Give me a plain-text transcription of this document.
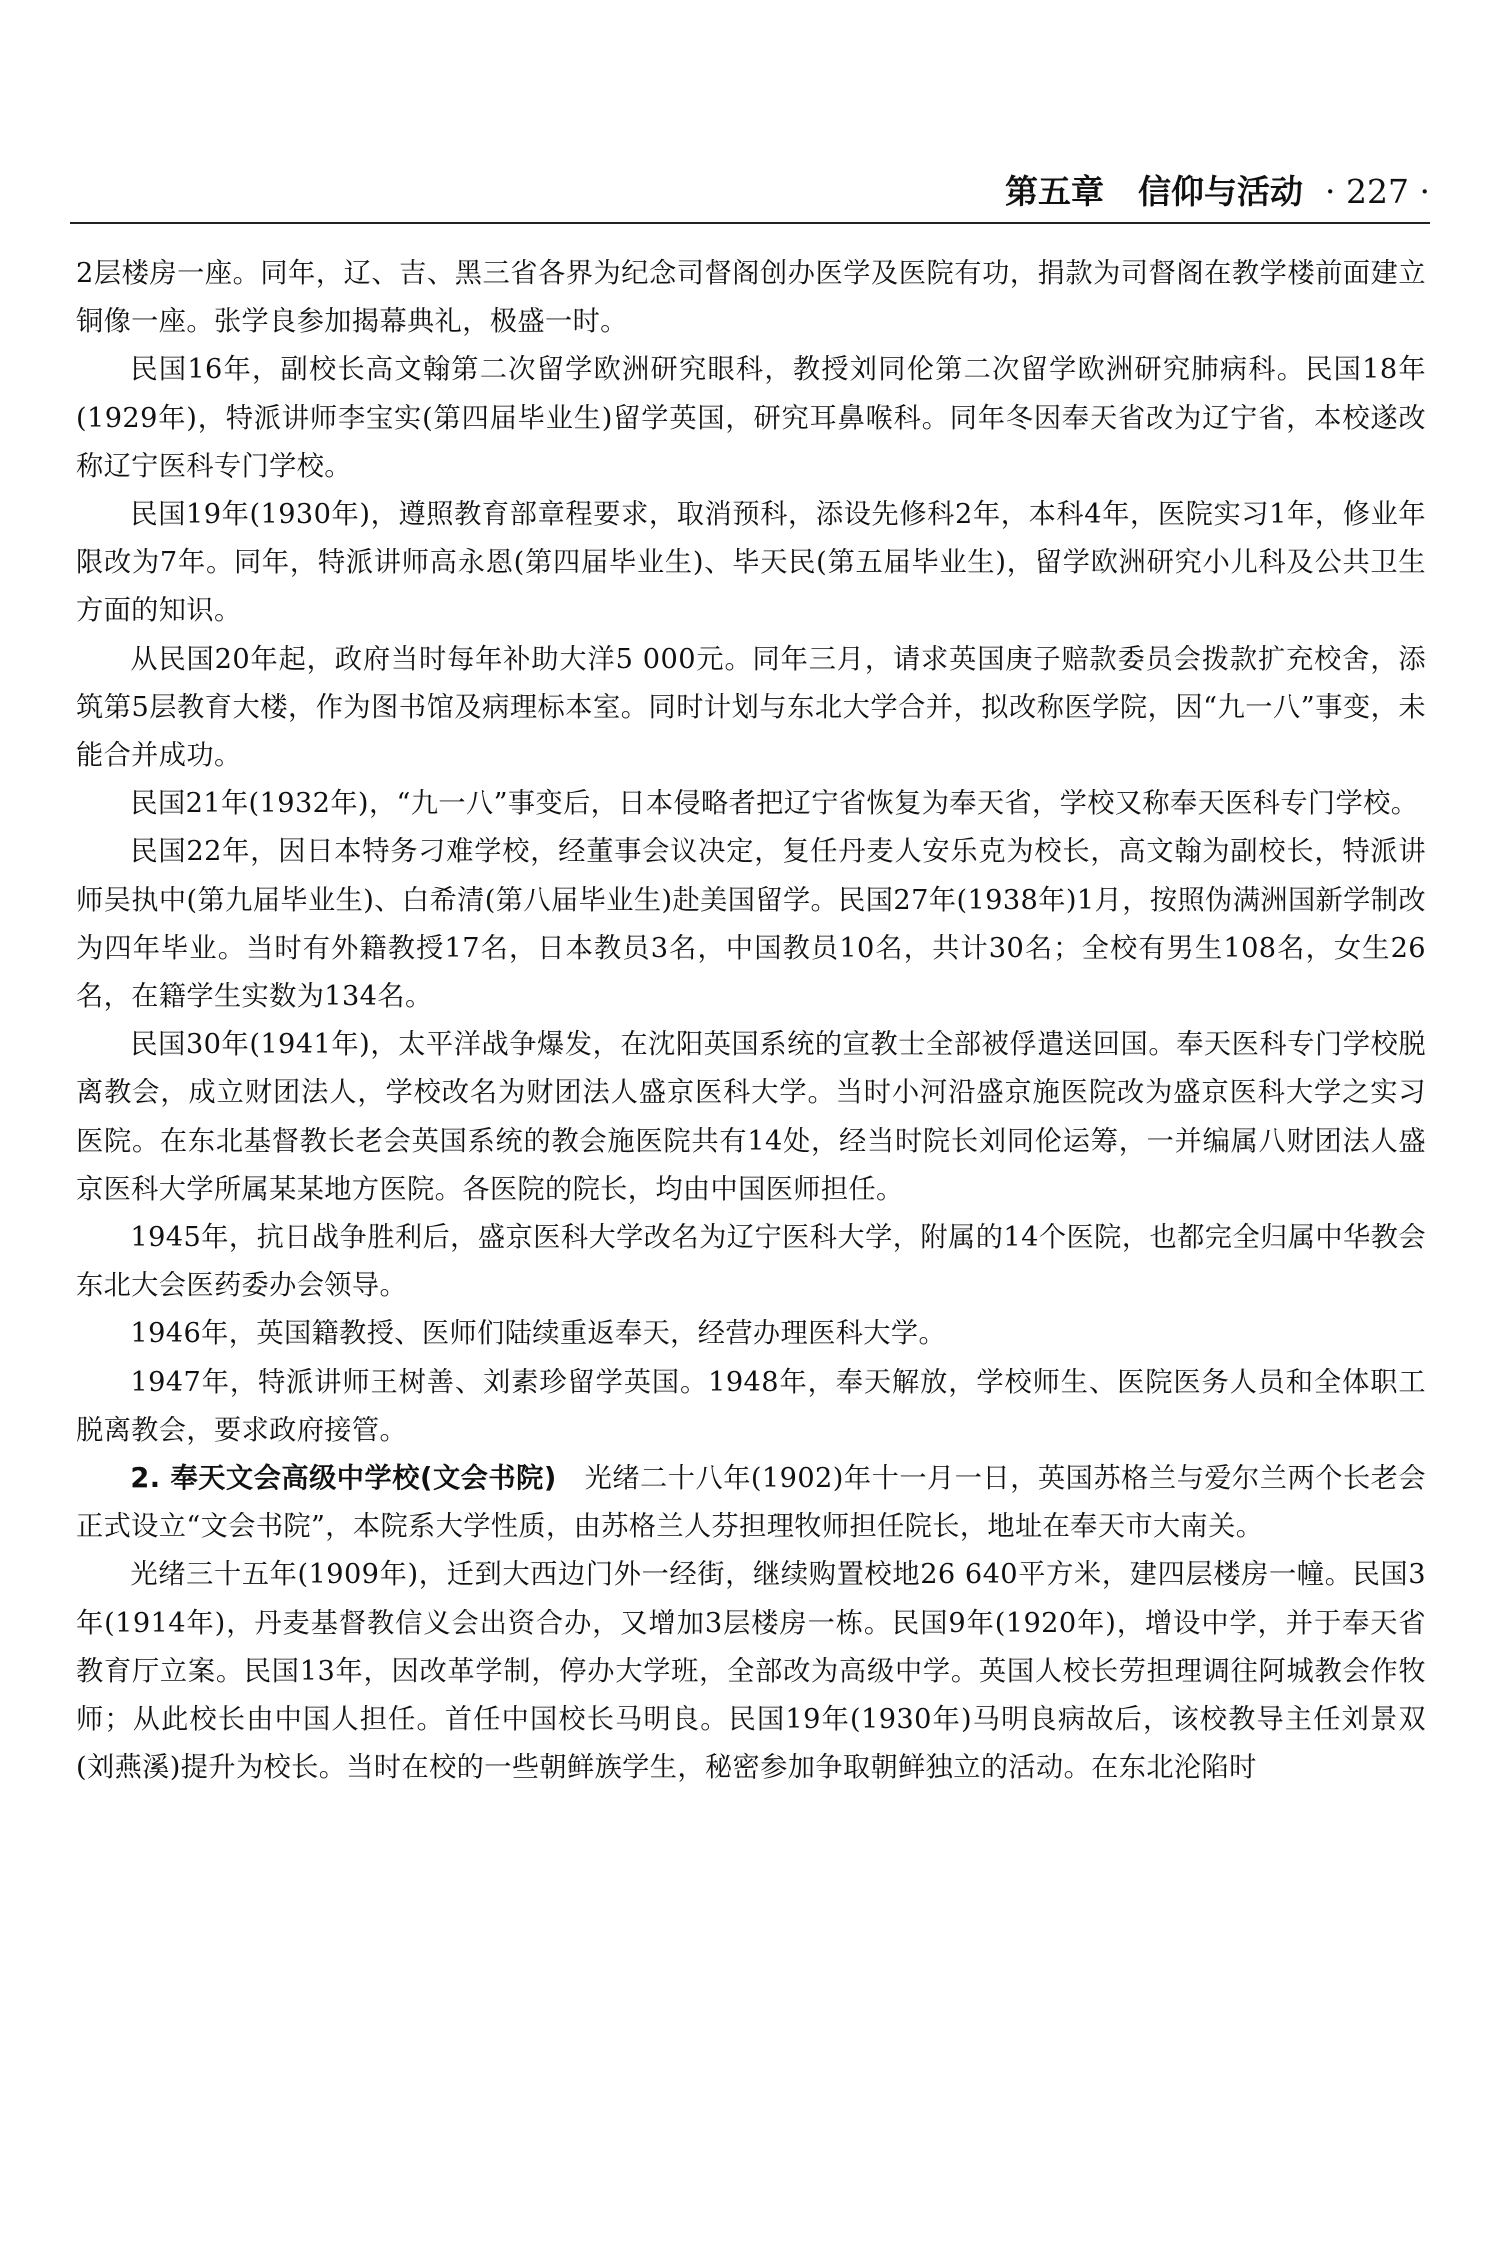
第五章 信仰与活动 · 227 ·

2层楼房一座。同年，辽、吉、黑三省各界为纪念司督阁创办医学及医院有功，捐款为司督阁在教学楼前面建立铜像一座。张学良参加揭幕典礼，极盛一时。

民国16年，副校长高文翰第二次留学欧洲研究眼科，教授刘同伦第二次留学欧洲研究肺病科。民国18年(1929年)，特派讲师李宝实(第四届毕业生)留学英国，研究耳鼻喉科。同年冬因奉天省改为辽宁省，本校遂改称辽宁医科专门学校。

民国19年(1930年)，遵照教育部章程要求，取消预科，添设先修科2年，本科4年，医院实习1年，修业年限改为7年。同年，特派讲师高永恩(第四届毕业生)、毕天民(第五届毕业生)，留学欧洲研究小儿科及公共卫生方面的知识。

从民国20年起，政府当时每年补助大洋5 000元。同年三月，请求英国庚子赔款委员会拨款扩充校舍，添筑第5层教育大楼，作为图书馆及病理标本室。同时计划与东北大学合并，拟改称医学院，因“九一八”事变，未能合并成功。

民国21年(1932年)，“九一八”事变后，日本侵略者把辽宁省恢复为奉天省，学校又称奉天医科专门学校。

民国22年，因日本特务刁难学校，经董事会议决定，复任丹麦人安乐克为校长，高文翰为副校长，特派讲师吴执中(第九届毕业生)、白希清(第八届毕业生)赴美国留学。民国27年(1938年)1月，按照伪满洲国新学制改为四年毕业。当时有外籍教授17名，日本教员3名，中国教员10名，共计30名；全校有男生108名，女生26名，在籍学生实数为134名。

民国30年(1941年)，太平洋战争爆发，在沈阳英国系统的宣教士全部被俘遣送回国。奉天医科专门学校脱离教会，成立财团法人，学校改名为财团法人盛京医科大学。当时小河沿盛京施医院改为盛京医科大学之实习医院。在东北基督教长老会英国系统的教会施医院共有14处，经当时院长刘同伦运筹，一并编属八财团法人盛京医科大学所属某某地方医院。各医院的院长，均由中国医师担任。

1945年，抗日战争胜利后，盛京医科大学改名为辽宁医科大学，附属的14个医院，也都完全归属中华教会东北大会医药委办会领导。

1946年，英国籍教授、医师们陆续重返奉天，经营办理医科大学。

1947年，特派讲师王树善、刘素珍留学英国。1948年，奉天解放，学校师生、医院医务人员和全体职工脱离教会，要求政府接管。

2. 奉天文会高级中学校(文会书院)　 光绪二十八年(1902)年十一月一日，英国苏格兰与爱尔兰两个长老会正式设立“文会书院”，本院系大学性质，由苏格兰人芬担理牧师担任院长，地址在奉天市大南关。

光绪三十五年(1909年)，迁到大西边门外一经街，继续购置校地26 640平方米，建四层楼房一幢。民国3年(1914年)，丹麦基督教信义会出资合办，又增加3层楼房一栋。民国9年(1920年)，增设中学，并于奉天省教育厅立案。民国13年，因改革学制，停办大学班，全部改为高级中学。英国人校长劳担理调往阿城教会作牧师；从此校长由中国人担任。首任中国校长马明良。民国19年(1930年)马明良病故后，该校教导主任刘景双(刘燕溪)提升为校长。当时在校的一些朝鲜族学生，秘密参加争取朝鲜独立的活动。在东北沦陷时
